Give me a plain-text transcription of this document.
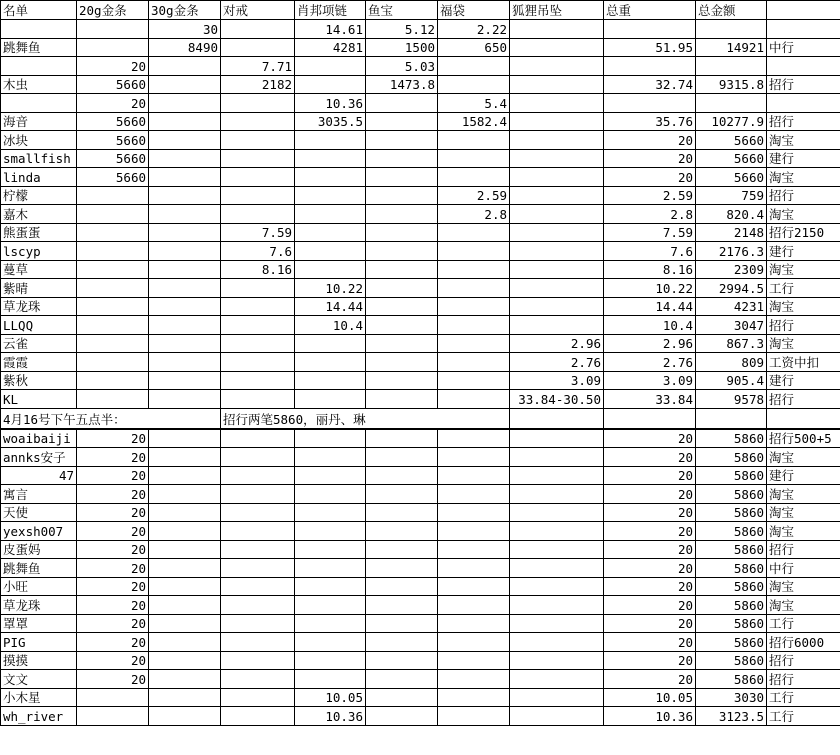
名单	20g金条	30g金条	对戒	肖邦项链	鱼宝	福袋	狐狸吊坠	总重	总金额	
		30		14.61	5.12	2.22				
跳舞鱼		8490		4281	1500	650		51.95	14921	中行
	20		7.71		5.03					
木虫	5660		2182		1473.8			32.74	9315.8	招行
	20			10.36		5.4				
海音	5660			3035.5		1582.4		35.76	10277.9	招行
冰块	5660							20	5660	淘宝
smallfish	5660							20	5660	建行
linda	5660							20	5660	淘宝
柠檬						2.59		2.59	759	招行
嘉木						2.8		2.8	820.4	淘宝
熊蛋蛋			7.59					7.59	2148	招行2150
lscyp			7.6					7.6	2176.3	建行
蔓草			8.16					8.16	2309	淘宝
紫晴				10.22				10.22	2994.5	工行
草龙珠				14.44				14.44	4231	淘宝
LLQQ				10.4				10.4	3047	招行
云雀							2.96	2.96	867.3	淘宝
霞霞							2.76	2.76	809	工资中扣
紫秋							3.09	3.09	905.4	建行
KL							33.84-30.50	33.84	9578	招行
4月16号下午五点半：			招行两笔5860，丽丹、琳							
woaibaiji	20							20	5860	招行500+5
annks安子	20							20	5860	淘宝
47	20							20	5860	建行
寓言	20							20	5860	淘宝
天使	20							20	5860	淘宝
yexsh007	20							20	5860	淘宝
皮蛋妈	20							20	5860	招行
跳舞鱼	20							20	5860	中行
小旺	20							20	5860	淘宝
草龙珠	20							20	5860	淘宝
罩罩	20							20	5860	工行
PIG	20							20	5860	招行6000
摸摸	20							20	5860	招行
文文	20							20	5860	招行
小木星				10.05				10.05	3030	工行
wh_river				10.36				10.36	3123.5	工行
